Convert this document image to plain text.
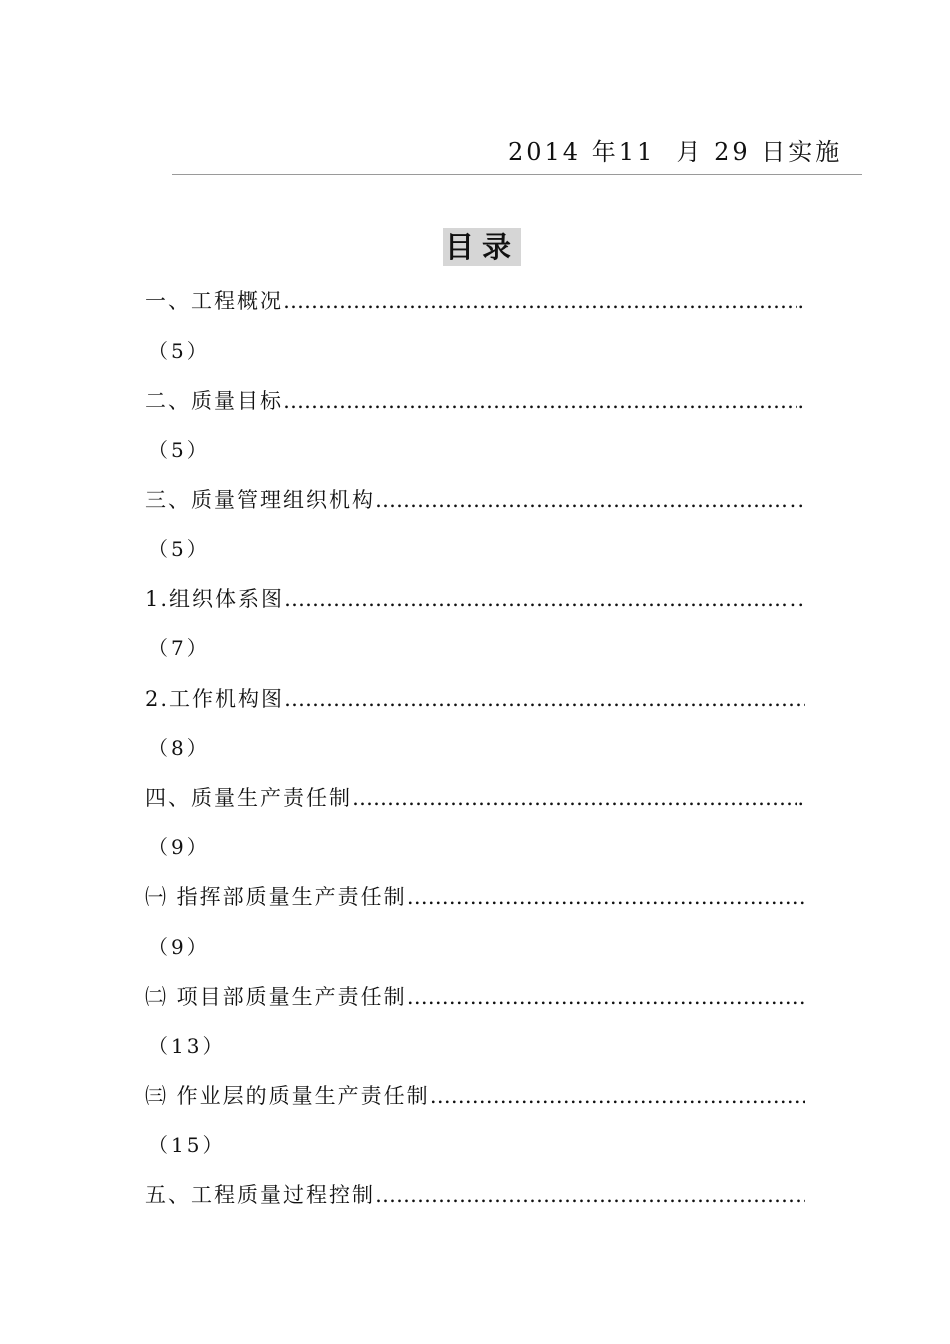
2014 年11  月 29 日实施
目录
一、工程概况 …………………………………………………………………………………………………	.
（5）
二、质量目标 …………………………………………………………………………………………………	.
（5）
三、质量管理组织机构 …………………………………………………………………………………………………	..
（5）
1.组织体系图 …………………………………………………………………………………………………	..
（7）
2.工作机构图
…………………………………………………………………………………………………
（8）
四、质量生产责任制 …………………………………………………………………………………………………	.
（9）
㈠ 指挥部质量生产责任制
…………………………………………………………………………………………………
（9）
㈡ 项目部质量生产责任制
…………………………………………………………………………………………………
（13）
㈢ 作业层的质量生产责任制
…………………………………………………………………………………………………
（15）
五、工程质量过程控制
…………………………………………………………………………………………………
